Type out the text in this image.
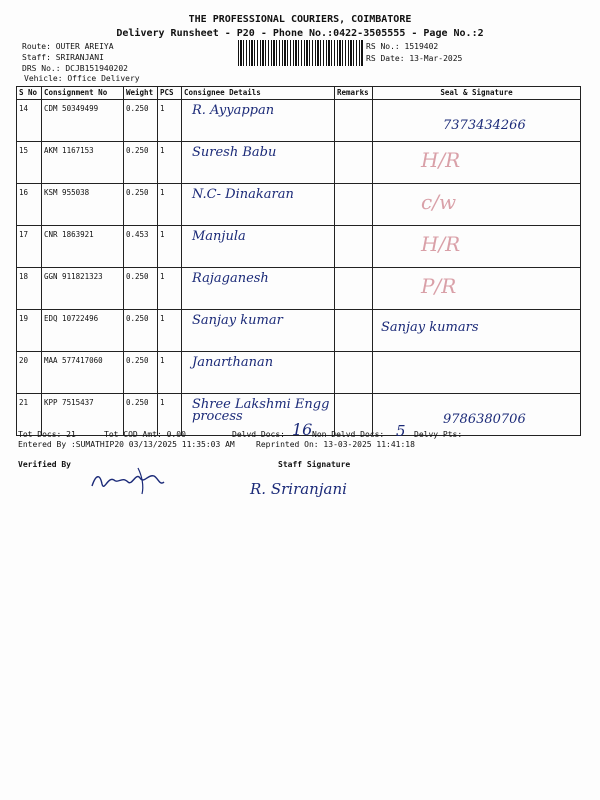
THE PROFESSIONAL COURIERS, COIMBATORE
Delivery Runsheet - P20 - Phone No.:0422-3505555 - Page No.:2
Route: OUTER AREIYA
Staff: SRIRANJANI
DRS No.: DCJB151940202
Vehicle: Office Delivery
RS No.: 1519402
RS Date: 13-Mar-2025
S No	Consignment No	Weight	PCS	Consignee Details	Remarks	Seal & Signature

14	CDM 50349499	0.250	1	R. Ayyappan		7373434266

15	AKM 1167153	0.250	1	Suresh Babu		H/R

16	KSM 955038	0.250	1	N.C- Dinakaran		c/w

17	CNR 1863921	0.453	1	Manjula		H/R

18	GGN 911821323	0.250	1	Rajaganesh		P/R

19	EDQ 10722496	0.250	1	Sanjay kumar		Sanjay kumars

20	MAA 577417060	0.250	1	Janarthanan		

21	KPP 7515437	0.250	1	Shree Lakshmi Engg process		9786380706
Tot Docs: 21	Tot COD Amt: 0.00	Delvd Docs: 16 Non Delvd Docs: 5 Delvy Pts:
Entered By :SUMATHIP20 03/13/2025 11:35:03 AM	Reprinted On: 13-03-2025 11:41:18
Verified By	Staff Signature
R. Sriranjani
